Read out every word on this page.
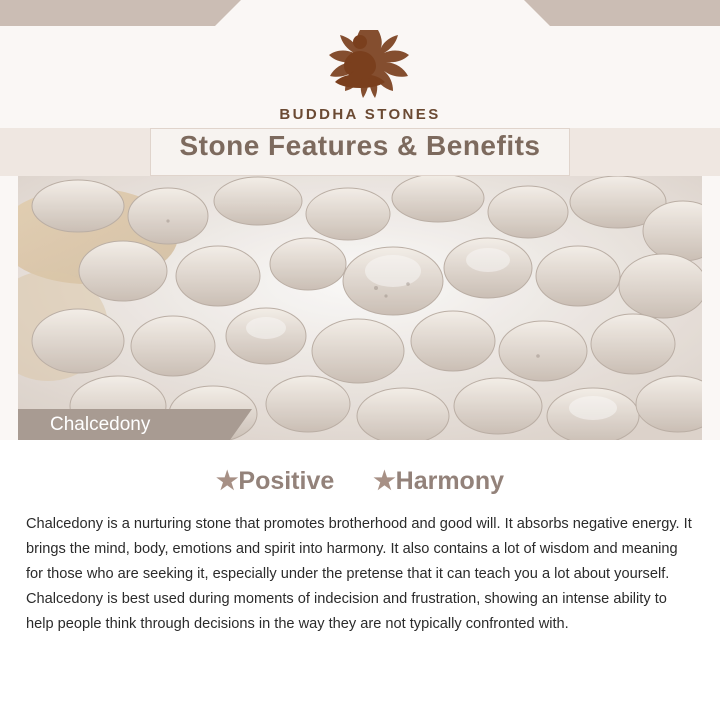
BUDDHA STONES
Stone Features & Benefits
Chalcedony
★Positive ★Harmony
Chalcedony is a nurturing stone that promotes brotherhood and good will. It absorbs negative energy. It brings the mind, body, emotions and spirit into harmony. It also contains a lot of wisdom and meaning for those who are seeking it, especially under the pretense that it can teach you a lot about yourself. Chalcedony is best used during moments of indecision and frustration, showing an intense ability to help people think through decisions in the way they are not typically confronted with.
